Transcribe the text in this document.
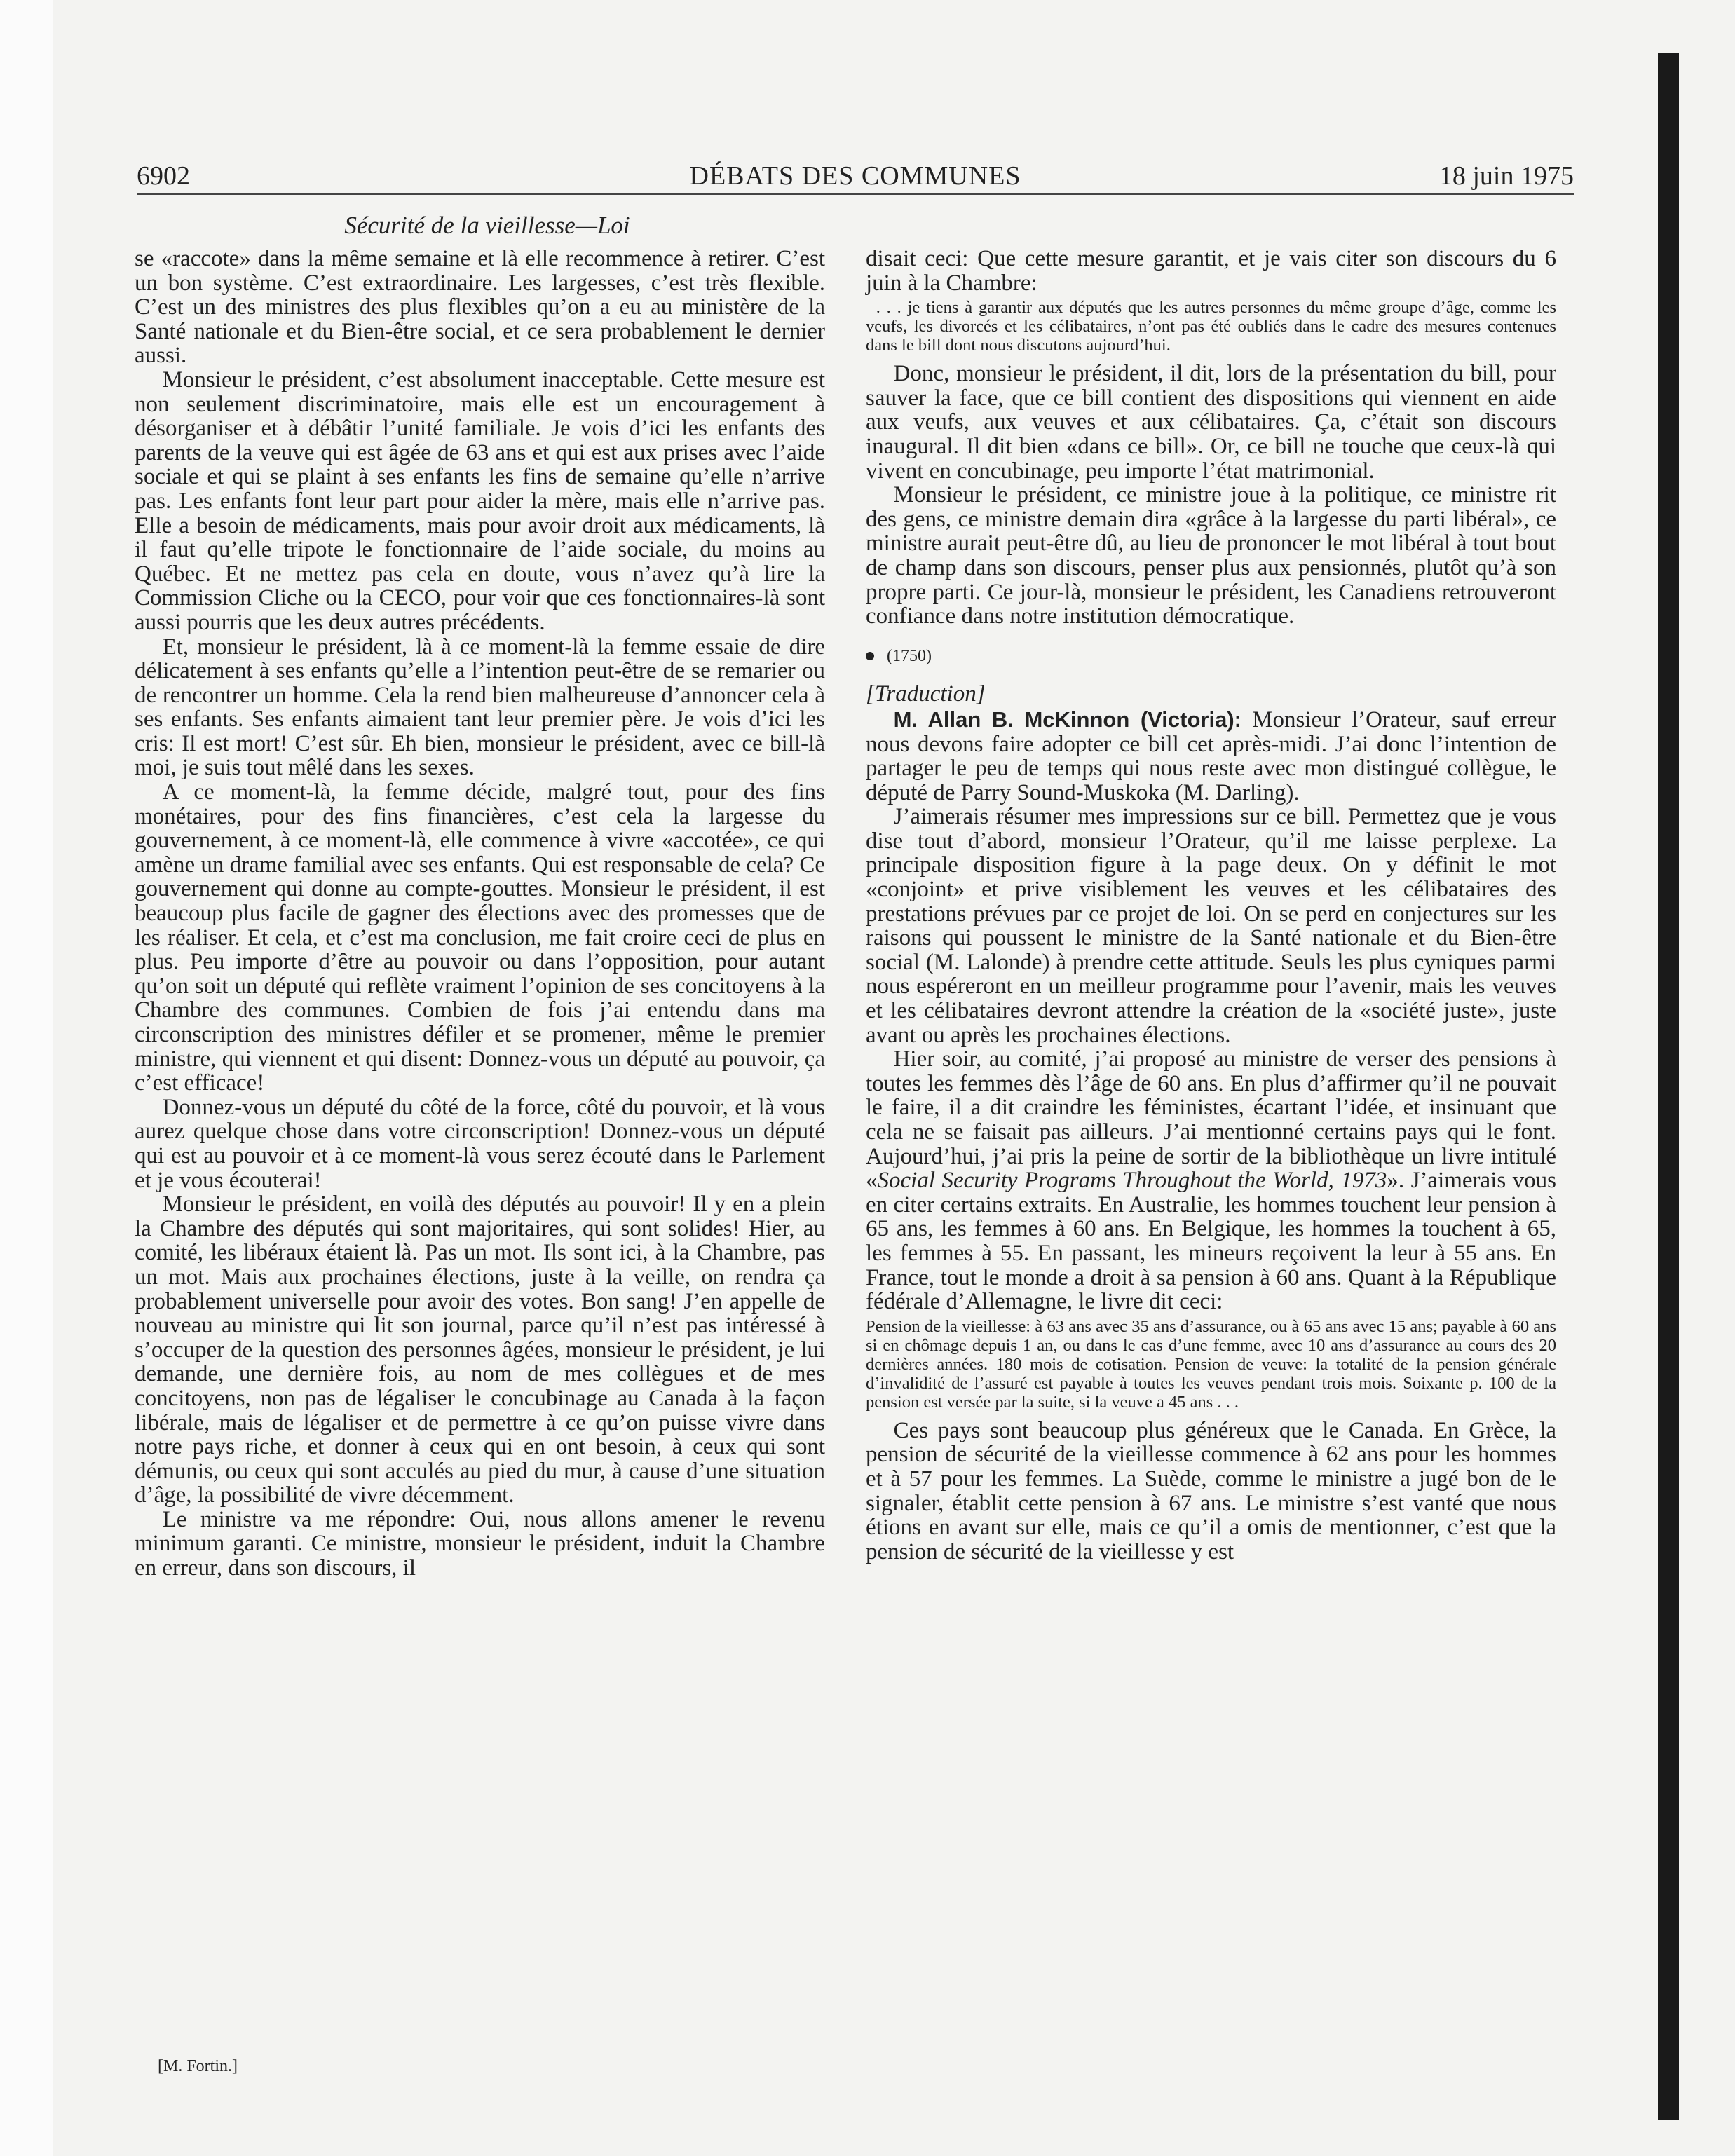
6902	DÉBATS DES COMMUNES	18 juin 1975
Sécurité de la vieillesse—Loi

se «raccote» dans la même semaine et là elle recommence à retirer. C’est un bon système. C’est extraordinaire. Les largesses, c’est très flexible. C’est un des ministres des plus flexibles qu’on a eu au ministère de la Santé nationale et du Bien-être social, et ce sera probablement le dernier aussi.

Monsieur le président, c’est absolument inacceptable. Cette mesure est non seulement discriminatoire, mais elle est un encouragement à désorganiser et à débâtir l’unité familiale. Je vois d’ici les enfants des parents de la veuve qui est âgée de 63 ans et qui est aux prises avec l’aide sociale et qui se plaint à ses enfants les fins de semaine qu’elle n’arrive pas. Les enfants font leur part pour aider la mère, mais elle n’arrive pas. Elle a besoin de médicaments, mais pour avoir droit aux médicaments, là il faut qu’elle tripote le fonctionnaire de l’aide sociale, du moins au Québec. Et ne mettez pas cela en doute, vous n’avez qu’à lire la Commission Cliche ou la CECO, pour voir que ces fonctionnaires-là sont aussi pourris que les deux autres précédents.

Et, monsieur le président, là à ce moment-là la femme essaie de dire délicatement à ses enfants qu’elle a l’intention peut-être de se remarier ou de rencontrer un homme. Cela la rend bien malheureuse d’annoncer cela à ses enfants. Ses enfants aimaient tant leur premier père. Je vois d’ici les cris: Il est mort! C’est sûr. Eh bien, monsieur le président, avec ce bill-là moi, je suis tout mêlé dans les sexes.

A ce moment-là, la femme décide, malgré tout, pour des fins monétaires, pour des fins financières, c’est cela la largesse du gouvernement, à ce moment-là, elle commence à vivre «accotée», ce qui amène un drame familial avec ses enfants. Qui est responsable de cela? Ce gouvernement qui donne au compte-gouttes. Monsieur le président, il est beaucoup plus facile de gagner des élections avec des promesses que de les réaliser. Et cela, et c’est ma conclusion, me fait croire ceci de plus en plus. Peu importe d’être au pouvoir ou dans l’opposition, pour autant qu’on soit un député qui reflète vraiment l’opinion de ses concitoyens à la Chambre des communes. Combien de fois j’ai entendu dans ma circonscription des ministres défiler et se promener, même le premier ministre, qui viennent et qui disent: Donnez-vous un député au pouvoir, ça c’est efficace!

Donnez-vous un député du côté de la force, côté du pouvoir, et là vous aurez quelque chose dans votre circonscription! Donnez-vous un député qui est au pouvoir et à ce moment-là vous serez écouté dans le Parlement et je vous écouterai!

Monsieur le président, en voilà des députés au pouvoir! Il y en a plein la Chambre des députés qui sont majoritaires, qui sont solides! Hier, au comité, les libéraux étaient là. Pas un mot. Ils sont ici, à la Chambre, pas un mot. Mais aux prochaines élections, juste à la veille, on rendra ça probablement universelle pour avoir des votes. Bon sang! J’en appelle de nouveau au ministre qui lit son journal, parce qu’il n’est pas intéressé à s’occuper de la question des personnes âgées, monsieur le président, je lui demande, une dernière fois, au nom de mes collègues et de mes concitoyens, non pas de légaliser le concubinage au Canada à la façon libérale, mais de légaliser et de permettre à ce qu’on puisse vivre dans notre pays riche, et donner à ceux qui en ont besoin, à ceux qui sont démunis, ou ceux qui sont acculés au pied du mur, à cause d’une situation d’âge, la possibilité de vivre décemment.

Le ministre va me répondre: Oui, nous allons amener le revenu minimum garanti. Ce ministre, monsieur le président, induit la Chambre en erreur, dans son discours, il

disait ceci: Que cette mesure garantit, et je vais citer son discours du 6 juin à la Chambre:

. . . je tiens à garantir aux députés que les autres personnes du même groupe d’âge, comme les veufs, les divorcés et les célibataires, n’ont pas été oubliés dans le cadre des mesures contenues dans le bill dont nous discutons aujourd’hui.

Donc, monsieur le président, il dit, lors de la présentation du bill, pour sauver la face, que ce bill contient des dispositions qui viennent en aide aux veufs, aux veuves et aux célibataires. Ça, c’était son discours inaugural. Il dit bien «dans ce bill». Or, ce bill ne touche que ceux-là qui vivent en concubinage, peu importe l’état matrimonial.

Monsieur le président, ce ministre joue à la politique, ce ministre rit des gens, ce ministre demain dira «grâce à la largesse du parti libéral», ce ministre aurait peut-être dû, au lieu de prononcer le mot libéral à tout bout de champ dans son discours, penser plus aux pensionnés, plutôt qu’à son propre parti. Ce jour-là, monsieur le président, les Canadiens retrouveront confiance dans notre institution démocratique.

(1750)

[Traduction]

M. Allan B. McKinnon (Victoria): Monsieur l’Orateur, sauf erreur nous devons faire adopter ce bill cet après-midi. J’ai donc l’intention de partager le peu de temps qui nous reste avec mon distingué collègue, le député de Parry Sound-Muskoka (M. Darling).

J’aimerais résumer mes impressions sur ce bill. Permettez que je vous dise tout d’abord, monsieur l’Orateur, qu’il me laisse perplexe. La principale disposition figure à la page deux. On y définit le mot «conjoint» et prive visiblement les veuves et les célibataires des prestations prévues par ce projet de loi. On se perd en conjectures sur les raisons qui poussent le ministre de la Santé nationale et du Bien-être social (M. Lalonde) à prendre cette attitude. Seuls les plus cyniques parmi nous espéreront en un meilleur programme pour l’avenir, mais les veuves et les célibataires devront attendre la création de la «société juste», juste avant ou après les prochaines élections.

Hier soir, au comité, j’ai proposé au ministre de verser des pensions à toutes les femmes dès l’âge de 60 ans. En plus d’affirmer qu’il ne pouvait le faire, il a dit craindre les féministes, écartant l’idée, et insinuant que cela ne se faisait pas ailleurs. J’ai mentionné certains pays qui le font. Aujourd’hui, j’ai pris la peine de sortir de la bibliothèque un livre intitulé «Social Security Programs Throughout the World, 1973». J’aimerais vous en citer certains extraits. En Australie, les hommes touchent leur pension à 65 ans, les femmes à 60 ans. En Belgique, les hommes la touchent à 65, les femmes à 55. En passant, les mineurs reçoivent la leur à 55 ans. En France, tout le monde a droit à sa pension à 60 ans. Quant à la République fédérale d’Allemagne, le livre dit ceci:

Pension de la vieillesse: à 63 ans avec 35 ans d’assurance, ou à 65 ans avec 15 ans; payable à 60 ans si en chômage depuis 1 an, ou dans le cas d’une femme, avec 10 ans d’assurance au cours des 20 dernières années. 180 mois de cotisation. Pension de veuve: la totalité de la pension générale d’invalidité de l’assuré est payable à toutes les veuves pendant trois mois. Soixante p. 100 de la pension est versée par la suite, si la veuve a 45 ans . . .

Ces pays sont beaucoup plus généreux que le Canada. En Grèce, la pension de sécurité de la vieillesse commence à 62 ans pour les hommes et à 57 pour les femmes. La Suède, comme le ministre a jugé bon de le signaler, établit cette pension à 67 ans. Le ministre s’est vanté que nous étions en avant sur elle, mais ce qu’il a omis de mentionner, c’est que la pension de sécurité de la vieillesse y est

[M. Fortin.]
